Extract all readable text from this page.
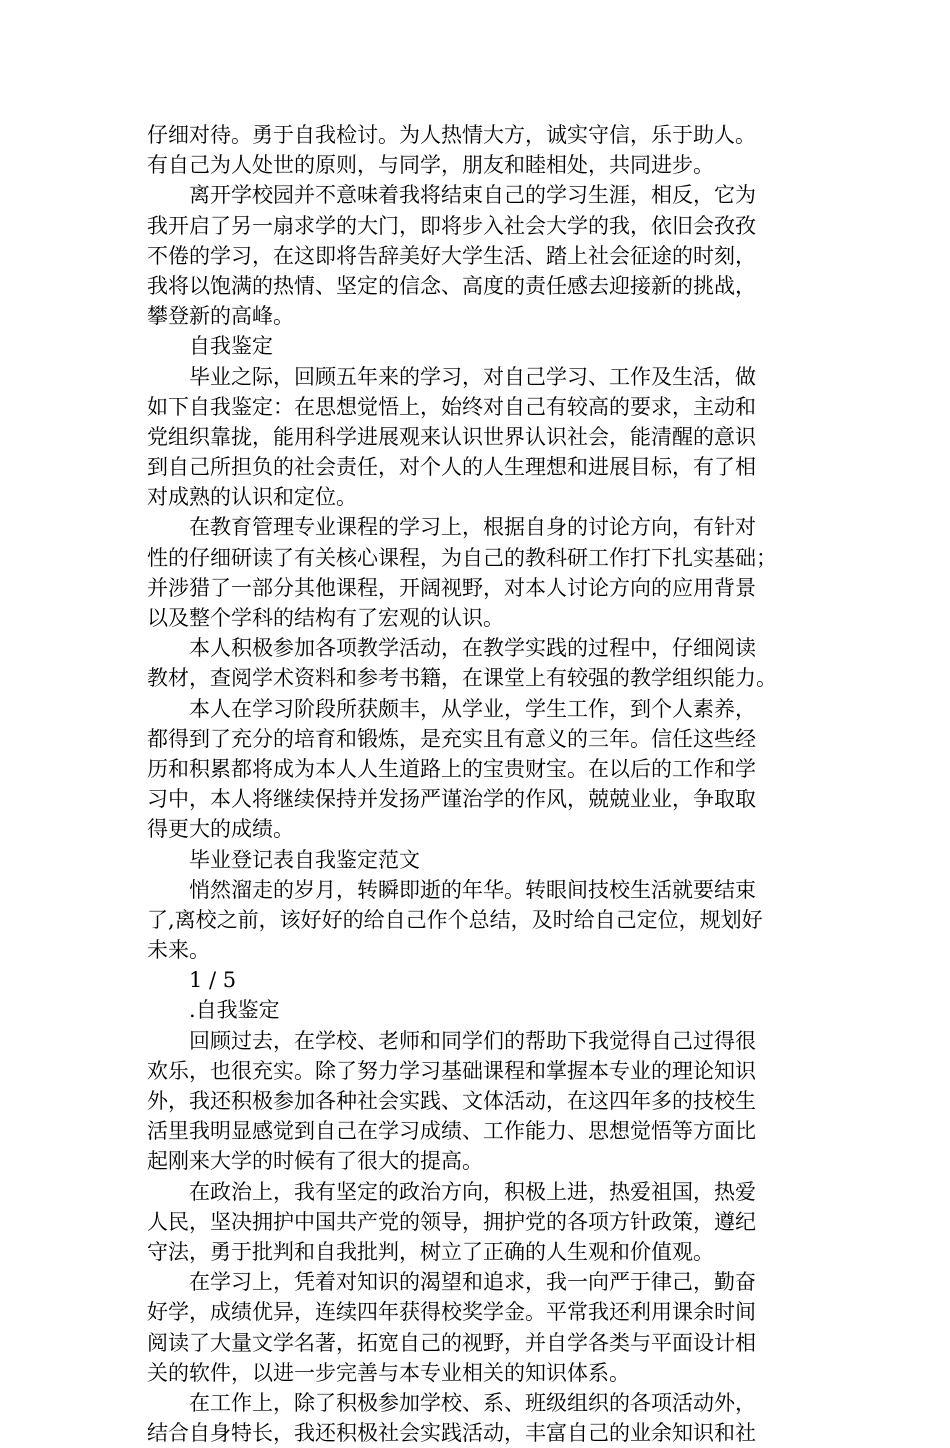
仔细对待。勇于自我检讨。为人热情大方，诚实守信，乐于助人。
有自己为人处世的原则，与同学，朋友和睦相处，共同进步。
离开学校园并不意味着我将结束自己的学习生涯，相反，它为
我开启了另一扇求学的大门，即将步入社会大学的我，依旧会孜孜
不倦的学习，在这即将告辞美好大学生活、踏上社会征途的时刻，
我将以饱满的热情、坚定的信念、高度的责任感去迎接新的挑战，
攀登新的高峰。
自我鉴定
毕业之际，回顾五年来的学习，对自己学习、工作及生活，做
如下自我鉴定：在思想觉悟上，始终对自己有较高的要求，主动和
党组织靠拢，能用科学进展观来认识世界认识社会，能清醒的意识
到自己所担负的社会责任，对个人的人生理想和进展目标，有了相
对成熟的认识和定位。
在教育管理专业课程的学习上，根据自身的讨论方向，有针对
性的仔细研读了有关核心课程，为自己的教科研工作打下扎实基础；
并涉猎了一部分其他课程，开阔视野，对本人讨论方向的应用背景
以及整个学科的结构有了宏观的认识。
本人积极参加各项教学活动，在教学实践的过程中，仔细阅读
教材，查阅学术资料和参考书籍，在课堂上有较强的教学组织能力。
本人在学习阶段所获颇丰，从学业，学生工作，到个人素养，
都得到了充分的培育和锻炼，是充实且有意义的三年。信任这些经
历和积累都将成为本人人生道路上的宝贵财宝。在以后的工作和学
习中，本人将继续保持并发扬严谨治学的作风，兢兢业业，争取取
得更大的成绩。
毕业登记表自我鉴定范文
悄然溜走的岁月，转瞬即逝的年华。转眼间技校生活就要结束
了,离校之前，该好好的给自己作个总结，及时给自己定位，规划好
未来。
1 / 5
.自我鉴定
回顾过去，在学校、老师和同学们的帮助下我觉得自己过得很
欢乐，也很充实。除了努力学习基础课程和掌握本专业的理论知识
外，我还积极参加各种社会实践、文体活动，在这四年多的技校生
活里我明显感觉到自己在学习成绩、工作能力、思想觉悟等方面比
起刚来大学的时候有了很大的提高。
在政治上，我有坚定的政治方向，积极上进，热爱祖国，热爱
人民，坚决拥护中国共产党的领导，拥护党的各项方针政策，遵纪
守法，勇于批判和自我批判，树立了正确的人生观和价值观。
在学习上，凭着对知识的渴望和追求，我一向严于律己，勤奋
好学，成绩优异，连续四年获得校奖学金。平常我还利用课余时间
阅读了大量文学名著，拓宽自己的视野，并自学各类与平面设计相
关的软件，以进一步完善与本专业相关的知识体系。
在工作上，除了积极参加学校、系、班级组织的各项活动外，
结合自身特长，我还积极社会实践活动，丰富自己的业余知识和社
